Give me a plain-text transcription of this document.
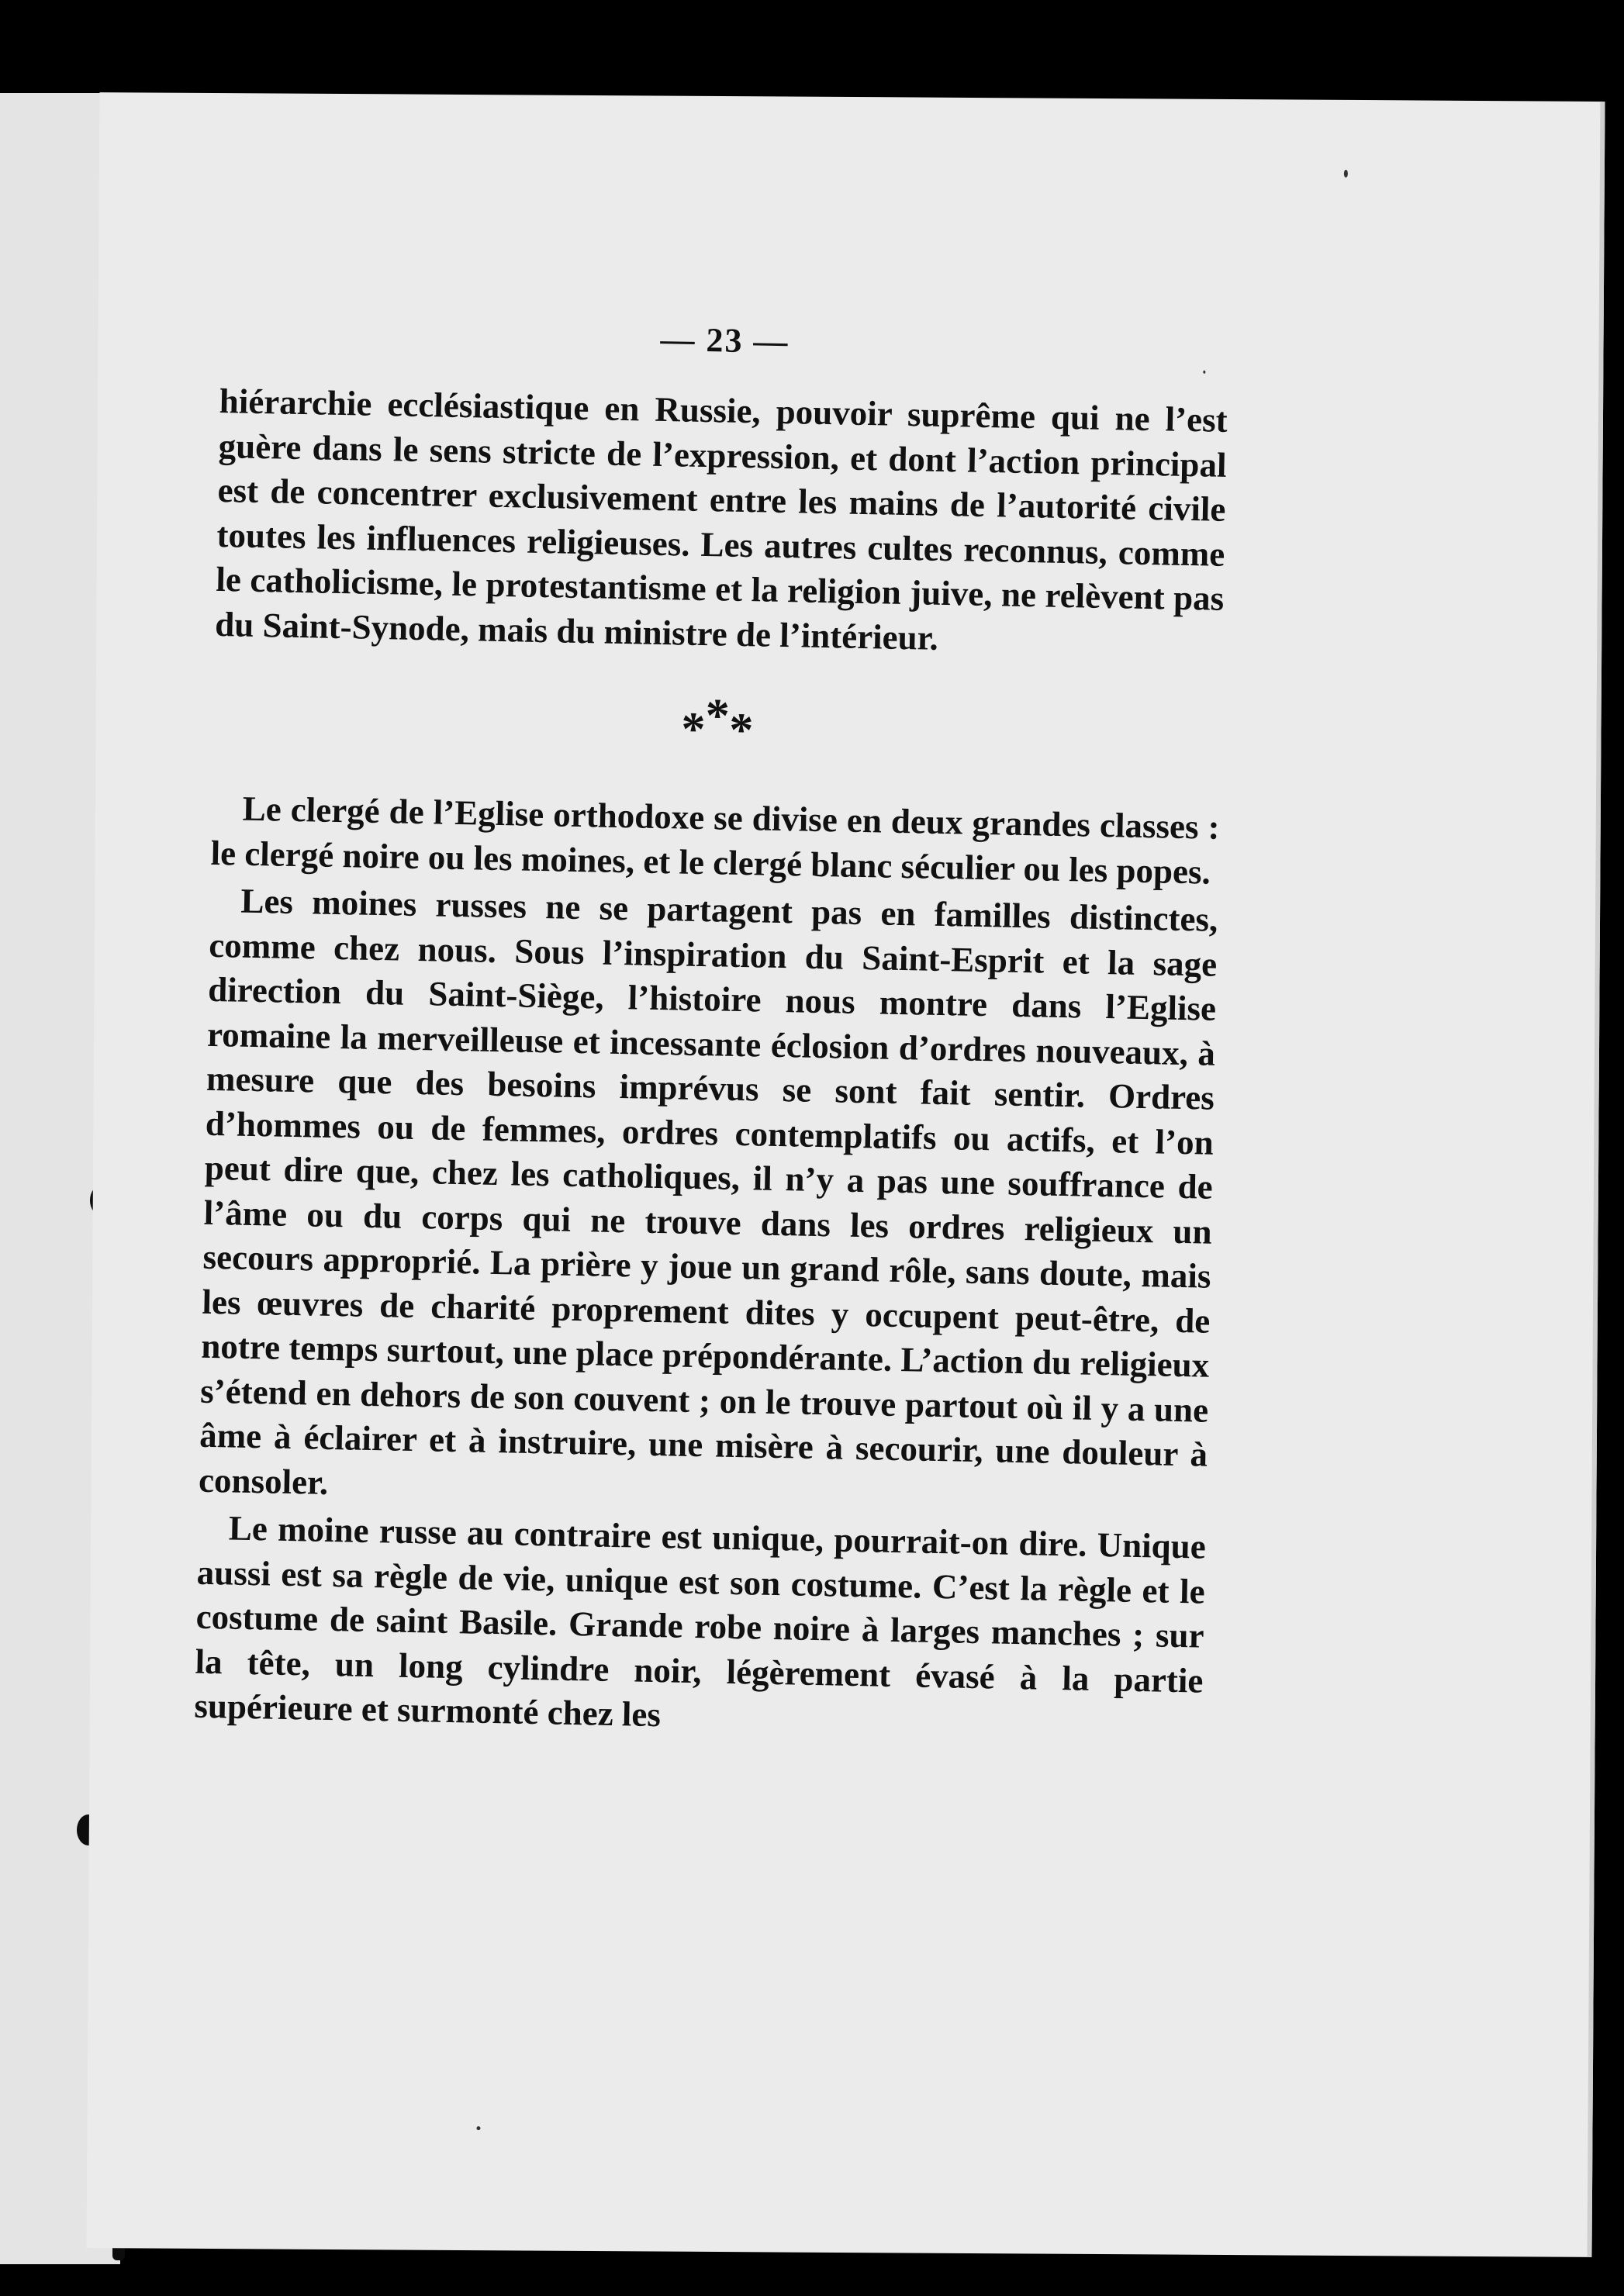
— 23 —

hiérarchie ecclésiastique en Russie, pouvoir suprême qui ne l’est guère dans le sens stricte de l’expression, et dont l’action principal est de concentrer exclusivement entre les mains de l’autorité civile toutes les influences religieuses. Les autres cultes reconnus, comme le catholicisme, le protestantisme et la religion juive, ne relèvent pas du Saint-Synode, mais du ministre de l’intérieur.

***

Le clergé de l’Eglise orthodoxe se divise en deux grandes classes : le clergé noire ou les moines, et le clergé blanc séculier ou les popes.

Les moines russes ne se partagent pas en familles distinctes, comme chez nous. Sous l’inspiration du Saint-Esprit et la sage direction du Saint-Siège, l’histoire nous montre dans l’Eglise romaine la merveilleuse et incessante éclosion d’ordres nouveaux, à mesure que des besoins imprévus se sont fait sentir. Ordres d’hommes ou de femmes, ordres contemplatifs ou actifs, et l’on peut dire que, chez les catholiques, il n’y a pas une souffrance de l’âme ou du corps qui ne trouve dans les ordres religieux un secours approprié. La prière y joue un grand rôle, sans doute, mais les œuvres de charité proprement dites y occupent peut-être, de notre temps surtout, une place prépondérante. L’action du religieux s’étend en dehors de son couvent ; on le trouve partout où il y a une âme à éclairer et à instruire, une misère à secourir, une douleur à consoler.

Le moine russe au contraire est unique, pourrait-on dire. Unique aussi est sa règle de vie, unique est son costume. C’est la règle et le costume de saint Basile. Grande robe noire à larges manches ; sur la tête, un long cylindre noir, légèrement évasé à la partie supérieure et surmonté chez les
